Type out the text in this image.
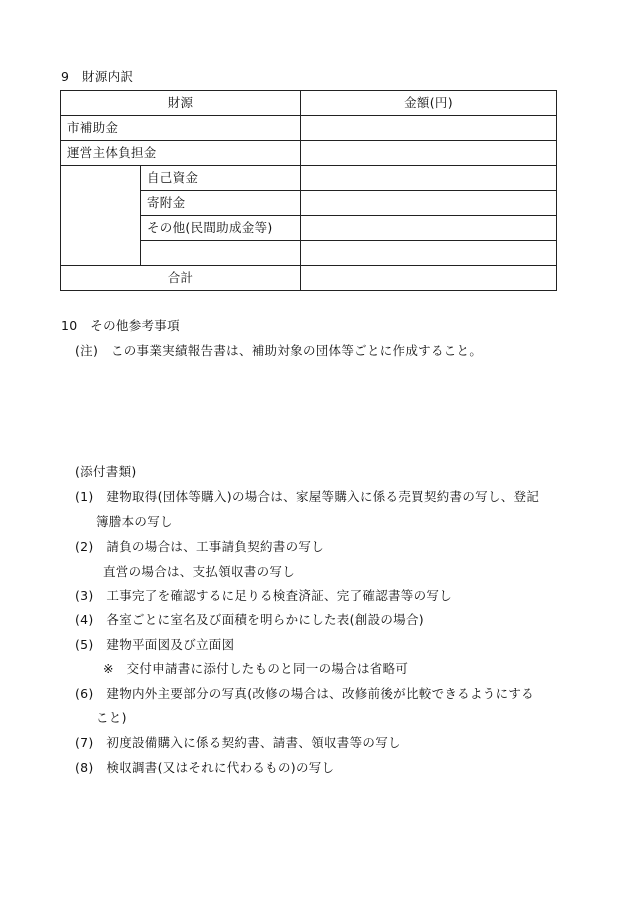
9　財源内訳
財源		金額(円)
市補助金		
運営主体負担金		
	自己資金	
	寄附金	
	その他(民間助成金等)	

合計		
10　その他参考事項
(注)　この事業実績報告書は、補助対象の団体等ごとに作成すること。
(添付書類)
(1)　建物取得(団体等購入)の場合は、家屋等購入に係る売買契約書の写し、登記
簿謄本の写し
(2)　請負の場合は、工事請負契約書の写し
直営の場合は、支払領収書の写し
(3)　工事完了を確認するに足りる検査済証、完了確認書等の写し
(4)　各室ごとに室名及び面積を明らかにした表(創設の場合)
(5)　建物平面図及び立面図
※　交付申請書に添付したものと同一の場合は省略可
(6)　建物内外主要部分の写真(改修の場合は、改修前後が比較できるようにする
こと)
(7)　初度設備購入に係る契約書、請書、領収書等の写し
(8)　検収調書(又はそれに代わるもの)の写し
